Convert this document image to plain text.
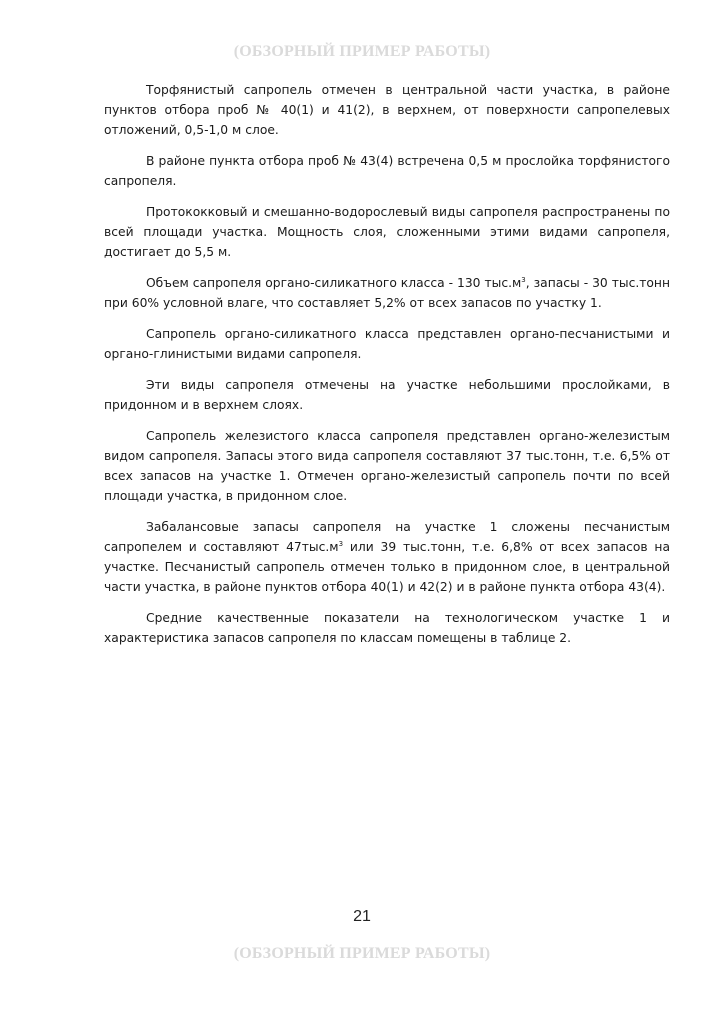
(ОБЗОРНЫЙ ПРИМЕР РАБОТЫ)

Торфянистый сапропель отмечен в центральной части участка, в районе пунктов отбора проб № 40(1) и 41(2), в верхнем, от поверхности сапропелевых отложений, 0,5-1,0 м слое.

В районе пункта отбора проб № 43(4) встречена 0,5 м прослойка торфянистого сапропеля.

Протококковый и смешанно-водорослевый виды сапропеля распространены по всей площади участка. Мощность слоя, сложенными этими видами сапропеля, достигает до 5,5 м.

Объем сапропеля органо-силикатного класса - 130 $тыс.м^3$, запасы - 30 тыс.тонн при 60% условной влаге, что составляет 5,2% от всех запасов по участку 1.

Сапропель органо-силикатного класса представлен органо-песчанистыми и органо-глинистыми видами сапропеля.

Эти виды сапропеля отмечены на участке небольшими прослойками, в придонном и в верхнем слоях.

Сапропель железистого класса сапропеля представлен органо-железистым видом сапропеля. Запасы этого вида сапропеля составляют 37 тыс.тонн, т.е. 6,5% от всех запасов на участке 1. Отмечен органо-железистый сапропель почти по всей площади участка, в придонном слое.

Забалансовые запасы сапропеля на участке 1 сложены песчанистым сапропелем и составляют $47тыс.м^3$ или 39 тыс.тонн, т.е. 6,8% от всех запасов на участке. Песчанистый сапропель отмечен только в придонном слое, в центральной части участка, в районе пунктов отбора 40(1) и 42(2) и в районе пункта отбора 43(4).

Средние качественные показатели на технологическом участке 1 и характеристика запасов сапропеля по классам помещены в таблице 2.

21
(ОБЗОРНЫЙ ПРИМЕР РАБОТЫ)
